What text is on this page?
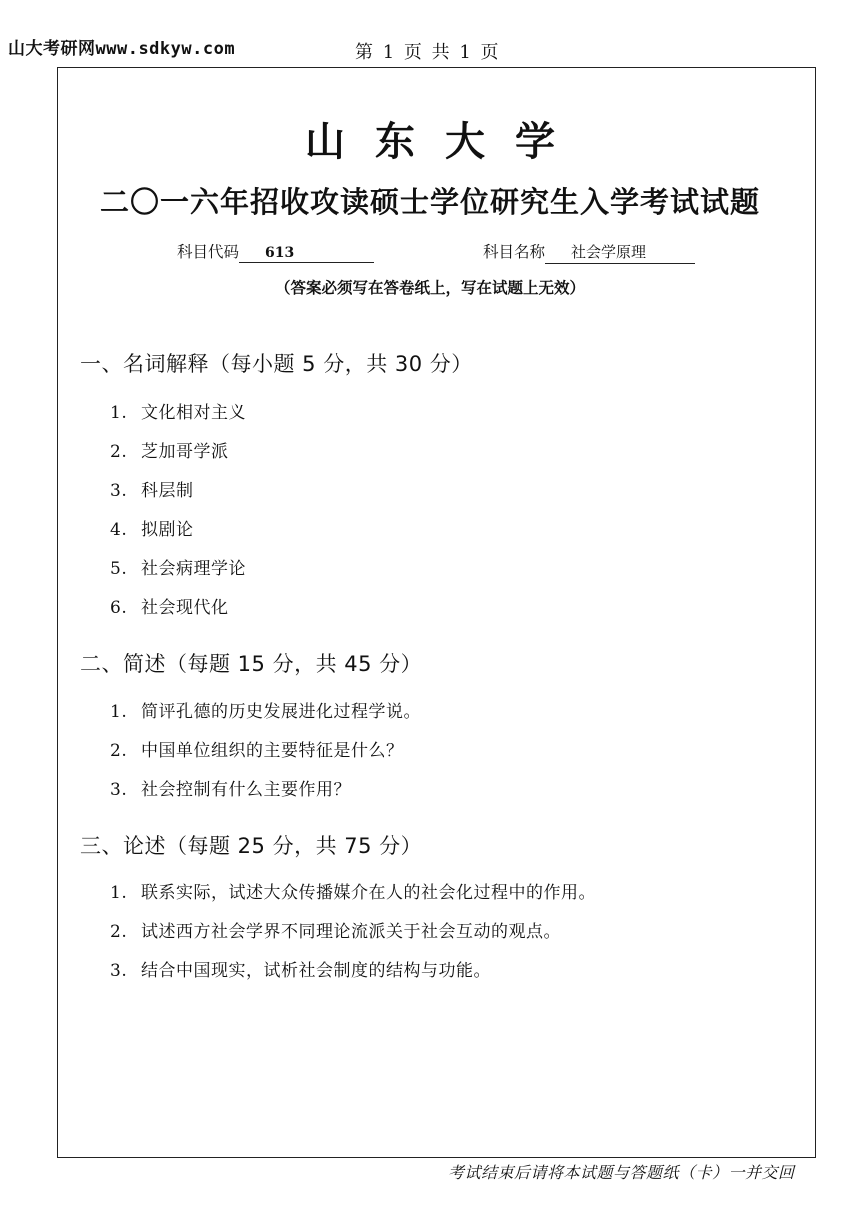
山大考研网www.sdkyw.com	第 1 页 共 1 页
山东大学
二〇一六年招收攻读硕士学位研究生入学考试试题
科目代码 613	科目名称 社会学原理
（答案必须写在答卷纸上，写在试题上无效）
一、名词解释（每小题 5 分，共 30 分）
1. 文化相对主义
2. 芝加哥学派
3. 科层制
4. 拟剧论
5. 社会病理学论
6. 社会现代化
二、简述（每题 15 分，共 45 分）
1. 简评孔德的历史发展进化过程学说。
2. 中国单位组织的主要特征是什么？
3. 社会控制有什么主要作用？
三、论述（每题 25 分，共 75 分）
1. 联系实际，试述大众传播媒介在人的社会化过程中的作用。
2. 试述西方社会学界不同理论流派关于社会互动的观点。
3. 结合中国现实，试析社会制度的结构与功能。
考试结束后请将本试题与答题纸（卡）一并交回
